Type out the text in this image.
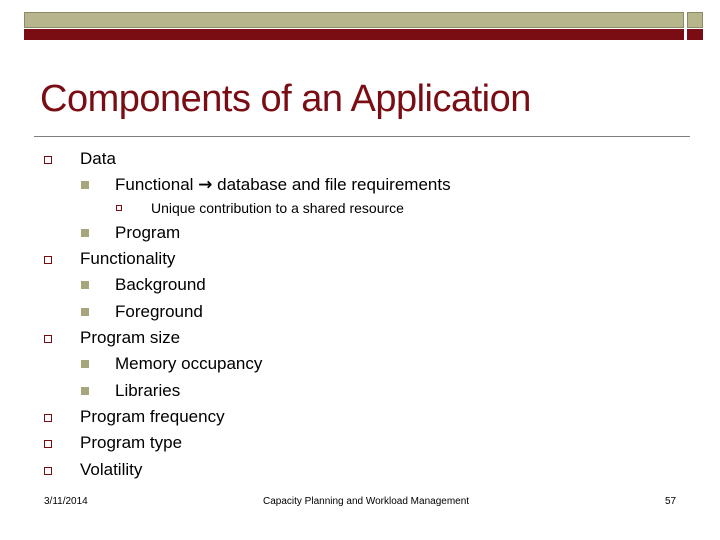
Components of an Application
Data
Functional → database and file requirements
Unique contribution to a shared resource
Program
Functionality
Background
Foreground
Program size
Memory occupancy
Libraries
Program frequency
Program type
Volatility
3/11/2014	Capacity Planning and Workload Management	57
